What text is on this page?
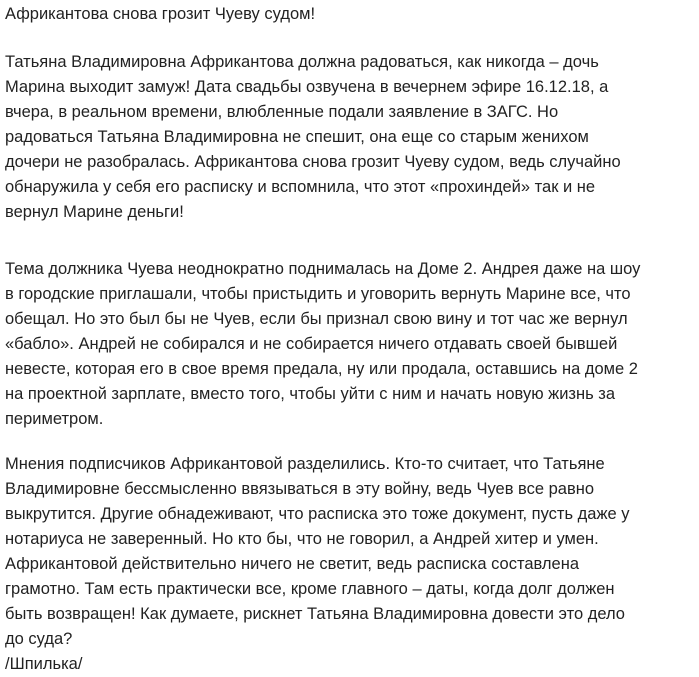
Африкантова снова грозит Чуеву судом!

Татьяна Владимировна Африкантова должна радоваться, как никогда – дочь
Марина выходит замуж! Дата свадьбы озвучена в вечернем эфире 16.12.18, а
вчера, в реальном времени, влюбленные подали заявление в ЗАГС. Но
радоваться Татьяна Владимировна не спешит, она еще со старым женихом
дочери не разобралась. Африкантова снова грозит Чуеву судом, ведь случайно
обнаружила у себя его расписку и вспомнила, что этот «прохиндей» так и не
вернул Марине деньги!

Тема должника Чуева неоднократно поднималась на Доме 2. Андрея даже на шоу
в городские приглашали, чтобы пристыдить и уговорить вернуть Марине все, что
обещал. Но это был бы не Чуев, если бы признал свою вину и тот час же вернул
«бабло». Андрей не собирался и не собирается ничего отдавать своей бывшей
невесте, которая его в свое время предала, ну или продала, оставшись на доме 2
на проектной зарплате, вместо того, чтобы уйти с ним и начать новую жизнь за
периметром.

Мнения подписчиков Африкантовой разделились. Кто-то считает, что Татьяне
Владимировне бессмысленно ввязываться в эту войну, ведь Чуев все равно
выкрутится. Другие обнадеживают, что расписка это тоже документ, пусть даже у
нотариуса не заверенный. Но кто бы, что не говорил, а Андрей хитер и умен.
Африкантовой действительно ничего не светит, ведь расписка составлена
грамотно. Там есть практически все, кроме главного – даты, когда долг должен
быть возвращен! Как думаете, рискнет Татьяна Владимировна довести это дело
до суда?
/Шпилька/
